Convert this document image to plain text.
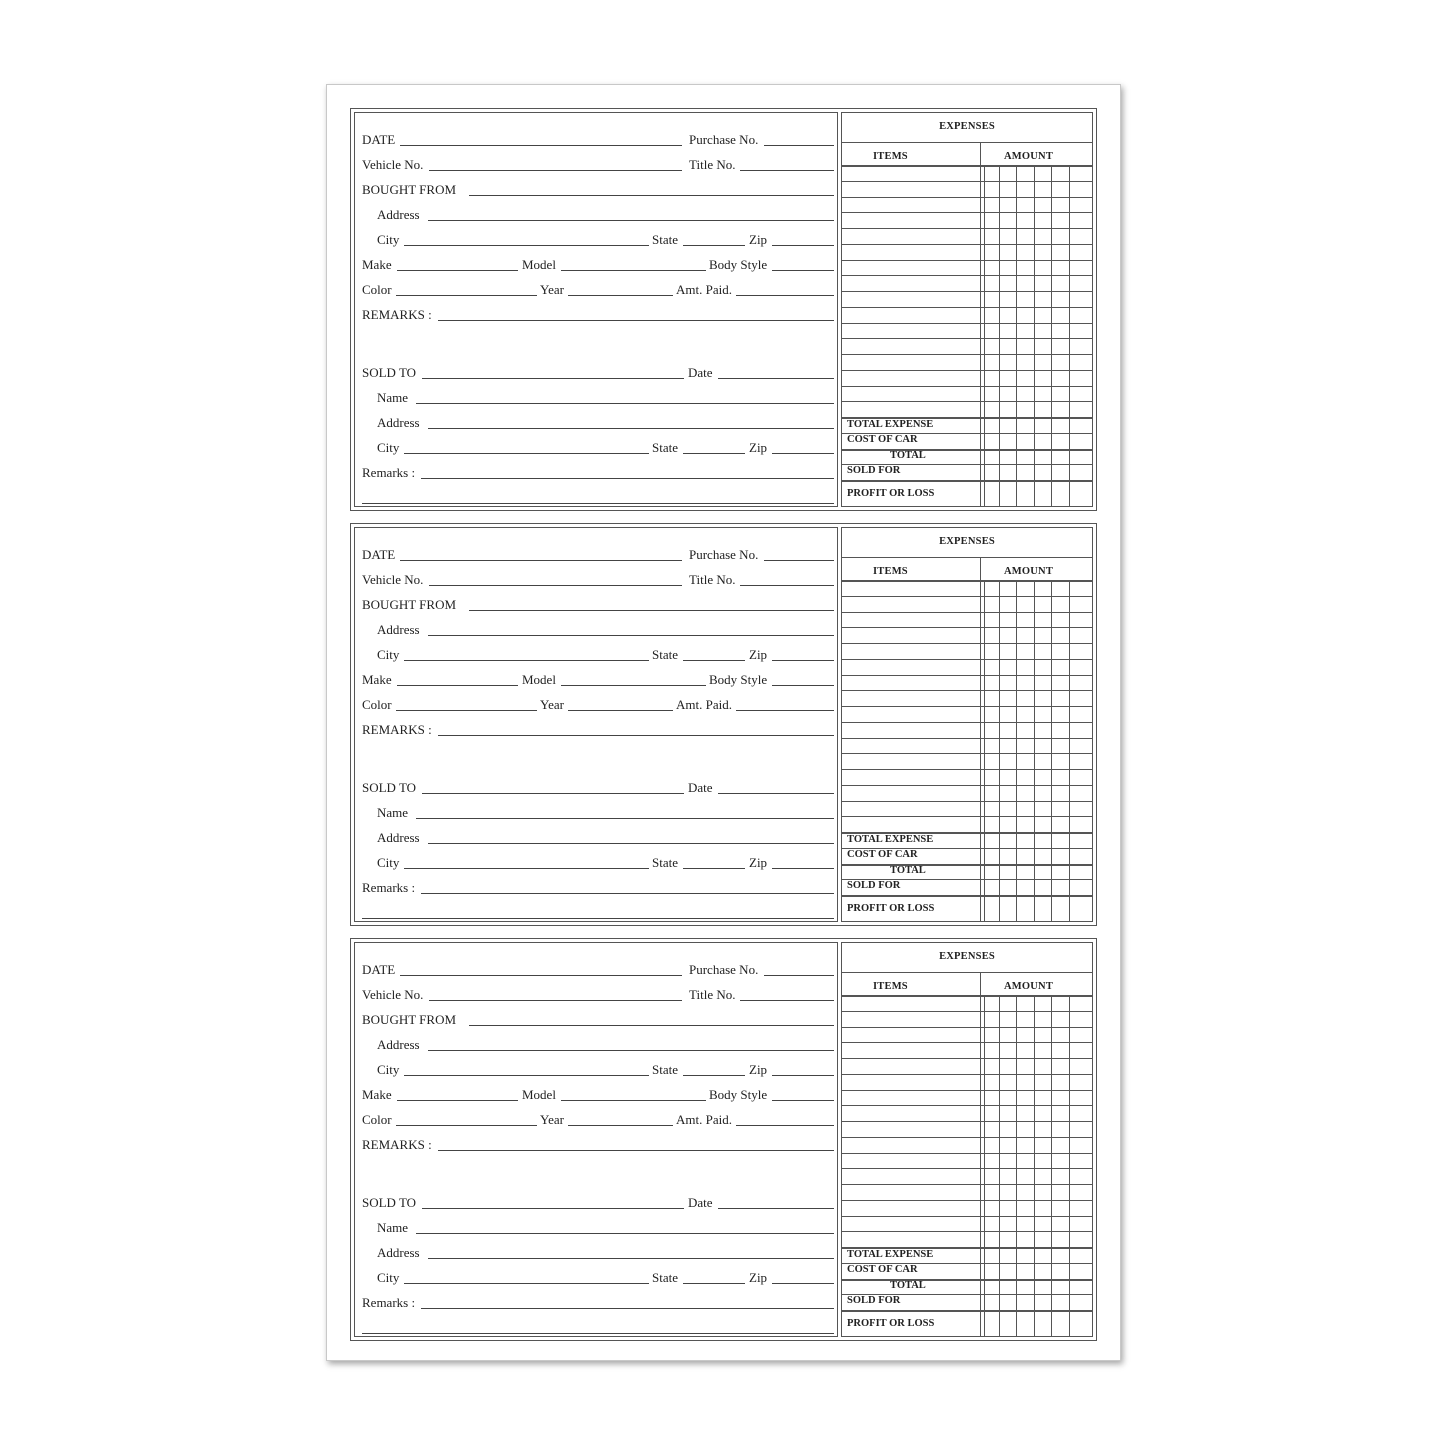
DATE	Purchase No.
Vehicle No.	Title No.
BOUGHT FROM
Address
City	State	Zip
Make	Model	Body Style
Color	Year	Amt. Paid.
REMARKS :
SOLD TO	Date
Name
Address
City	State	Zip
Remarks :
EXPENSES
ITEMS	AMOUNT
TOTAL EXPENSE
COST OF CAR
TOTAL
SOLD FOR
PROFIT OR LOSS
DATE	Purchase No.
Vehicle No.	Title No.
BOUGHT FROM
Address
City	State	Zip
Make	Model	Body Style
Color	Year	Amt. Paid.
REMARKS :
SOLD TO	Date
Name
Address
City	State	Zip
Remarks :
EXPENSES
ITEMS	AMOUNT
TOTAL EXPENSE
COST OF CAR
TOTAL
SOLD FOR
PROFIT OR LOSS
DATE	Purchase No.
Vehicle No.	Title No.
BOUGHT FROM
Address
City	State	Zip
Make	Model	Body Style
Color	Year	Amt. Paid.
REMARKS :
SOLD TO	Date
Name
Address
City	State	Zip
Remarks :
EXPENSES
ITEMS	AMOUNT
TOTAL EXPENSE
COST OF CAR
TOTAL
SOLD FOR
PROFIT OR LOSS
